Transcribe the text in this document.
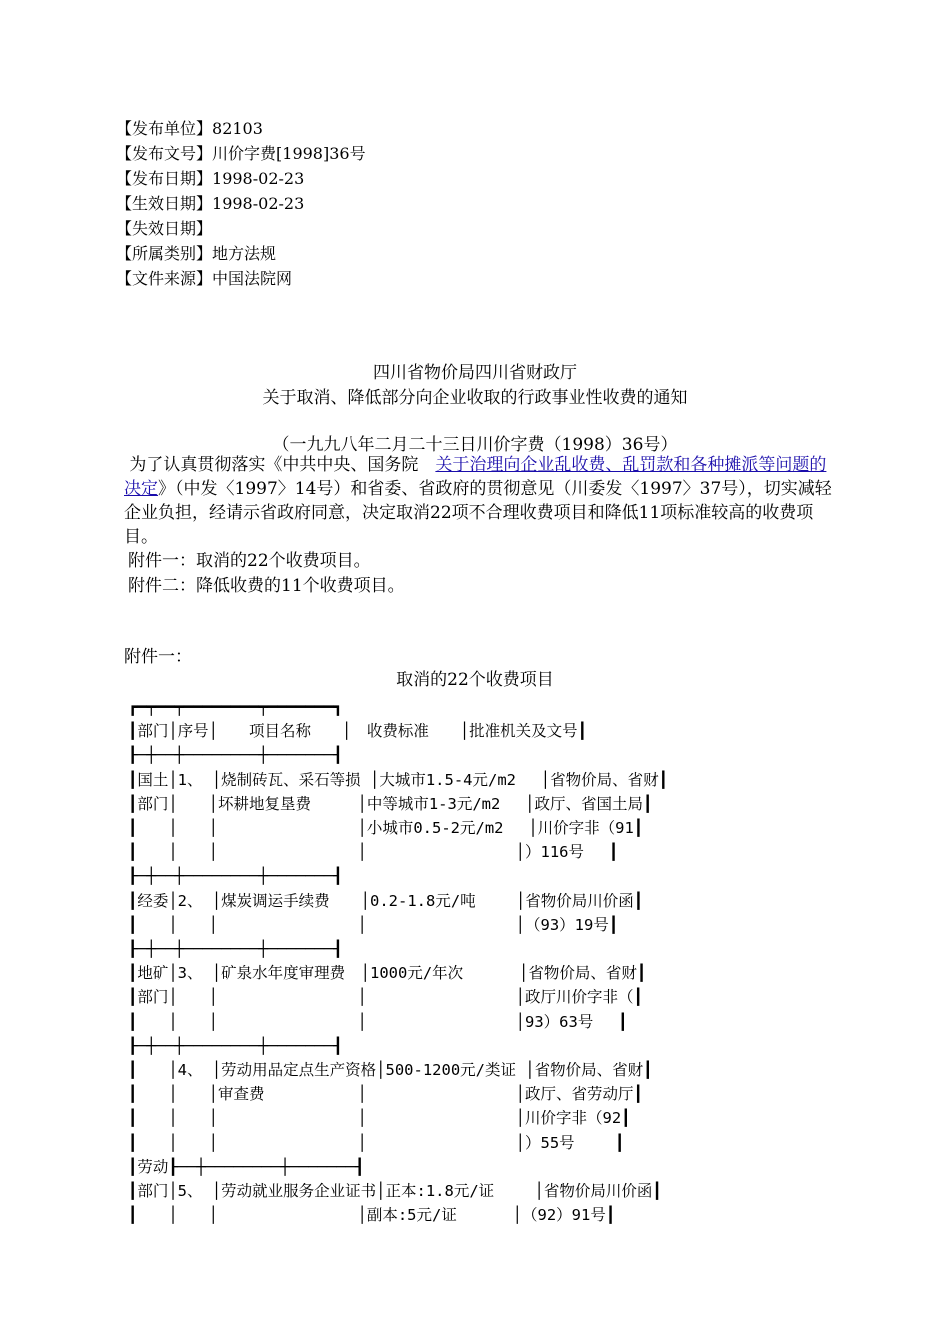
【发布单位】82103
【发布文号】川价字费[1998]36号
【发布日期】1998-02-23
【生效日期】1998-02-23
【失效日期】
【所属类别】地方法规
【文件来源】中国法院网
四川省物价局四川省财政厅
关于取消、降低部分向企业收取的行政事业性收费的通知
（一九九八年二月二十三日川价字费（1998）36号）
为了认真贯彻落实《中共中央、国务院　关于治理向企业乱收费、乱罚款和各种摊派等问题的决定》（中发〈1997〉14号）和省委、省政府的贯彻意见（川委发〈1997〉37号），切实减轻企业负担，经请示省政府同意，决定取消22项不合理收费项目和降低11项标准较高的收费项目。
附件一：取消的22个收费项目。
附件二：降低收费的11个收费项目。
附件一：
取消的22个收费项目
┏━┯━━┯━━━━━━━━┯━━━━━━━┓
┃部门│序号│　　项目名称　　│　收费标准　　│批准机关及文号┃
┠─┼──┼────────┼───────┨
┃国土│1、 │烧制砖瓦、采石等损 │大城市1.5-4元/m2　 │省物价局、省财┃
┃部门│　　│坏耕地复垦费　　　│中等城市1-3元/m2　 │政厅、省国土局┃
┃　　│　　│　　　　　　　　　│小城市0.5-2元/m2　 │川价字非（91┃
┃　　│　　│　　　　　　　　　│　　　　　　　　　 │）116号　 ┃
┠─┼──┼────────┼───────┨
┃经委│2、 │煤炭调运手续费　　│0.2-1.8元/吨　　 │省物价局川价函┃
┃　　│　　│　　　　　　　　　│　　　　　　　　　 │（93）19号┃
┠─┼──┼────────┼───────┨
┃地矿│3、 │矿泉水年度审理费　│1000元/年次　　　 │省物价局、省财┃
┃部门│　　│　　　　　　　　　│　　　　　　　　　 │政厅川价字非（┃
┃　　│　　│　　　　　　　　　│　　　　　　　　　 │93）63号　 ┃
┠─┼──┼────────┼───────┨
┃　　│4、 │劳动用品定点生产资格│500-1200元/类证 │省物价局、省财┃
┃　　│　　│审查费　　　　　　│　　　　　　　　　 │政厅、省劳动厅┃
┃　　│　　│　　　　　　　　　│　　　　　　　　　 │川价字非（92┃
┃　　│　　│　　　　　　　　　│　　　　　　　　　 │）55号　　 ┃
┃劳动┠──┼────────┼───────┨
┃部门│5、 │劳动就业服务企业证书│正本:1.8元/证　　 │省物价局川价函┃
┃　　│　　│　　　　　　　　　│副本:5元/证　　　 │（92）91号┃
